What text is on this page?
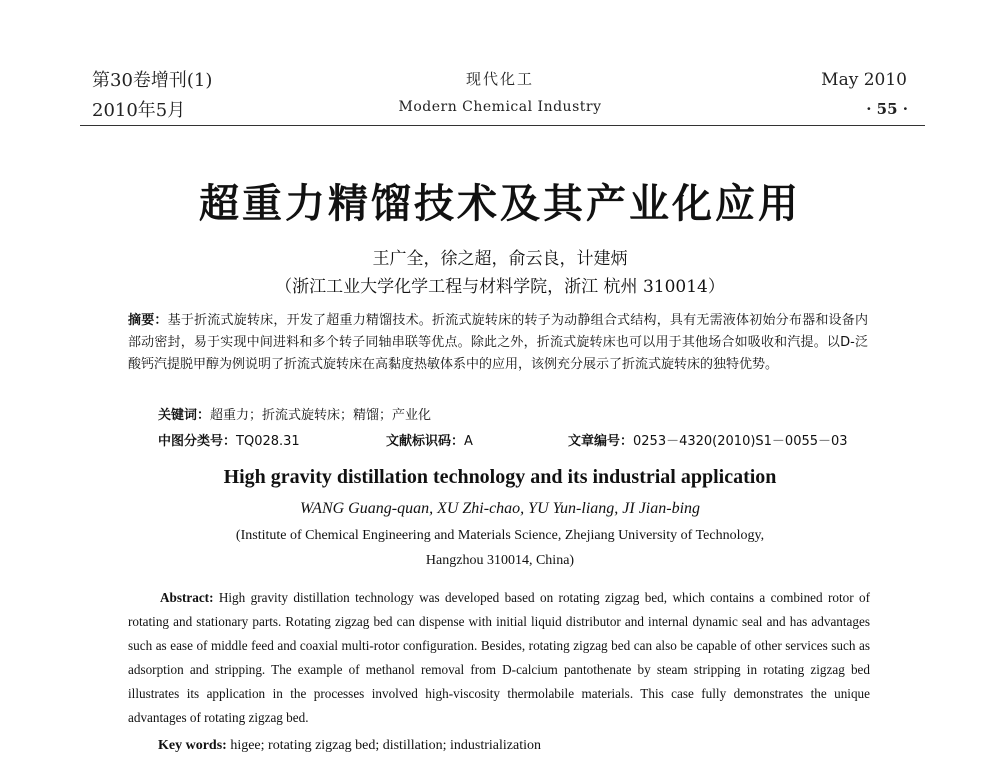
第30卷增刊(1)
2010年5月
现代化工
Modern Chemical Industry
May 2010
· 55 ·
超重力精馏技术及其产业化应用
王广全，徐之超，俞云良，计建炳
（浙江工业大学化学工程与材料学院，浙江 杭州 310014）
摘要：基于折流式旋转床，开发了超重力精馏技术。折流式旋转床的转子为动静组合式结构，具有无需液体初始分布器和设备内部动密封，易于实现中间进料和多个转子同轴串联等优点。除此之外，折流式旋转床也可以用于其他场合如吸收和汽提。以D-泛酸钙汽提脱甲醇为例说明了折流式旋转床在高黏度热敏体系中的应用，该例充分展示了折流式旋转床的独特优势。
关键词：超重力；折流式旋转床；精馏；产业化
中图分类号：TQ028.31	文献标识码：A	文章编号：0253－4320(2010)S1－0055－03
High gravity distillation technology and its industrial application
WANG Guang-quan, XU Zhi-chao, YU Yun-liang, JI Jian-bing
(Institute of Chemical Engineering and Materials Science, Zhejiang University of Technology,
Hangzhou 310014, China)
Abstract: High gravity distillation technology was developed based on rotating zigzag bed, which contains a combined rotor of rotating and stationary parts. Rotating zigzag bed can dispense with initial liquid distributor and internal dynamic seal and has advantages such as ease of middle feed and coaxial multi-rotor configuration. Besides, rotating zigzag bed can also be capable of other services such as adsorption and stripping. The example of methanol removal from D-calcium pantothenate by steam stripping in rotating zigzag bed illustrates its application in the processes involved high-viscosity thermolabile materials. This case fully demonstrates the unique advantages of rotating zigzag bed.
Key words: higee; rotating zigzag bed; distillation; industrialization
